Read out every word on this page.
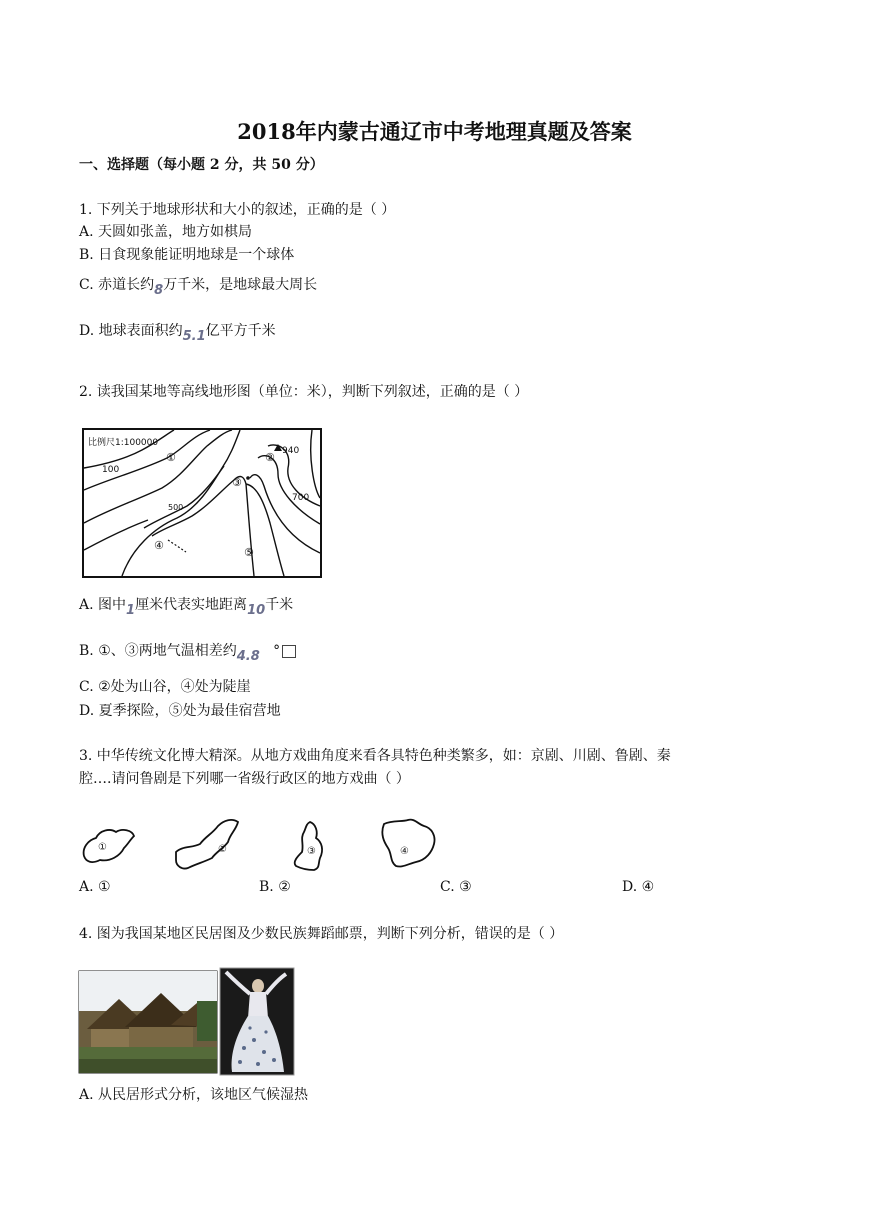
2018年内蒙古通辽市中考地理真题及答案
一、选择题（每小题 2 分，共 50 分）
1. 下列关于地球形状和大小的叙述，正确的是（ ）
A. 天圆如张盖，地方如棋局
B. 日食现象能证明地球是一个球体
C. 赤道长约8万千米，是地球最大周长
D. 地球表面积约5.1亿平方千米
2. 读我国某地等高线地形图（单位：米），判断下列叙述，正确的是（ ）
比例尺1:100000
100
500
940
700
①	②
③
④
⑤
A. 图中1厘米代表实地距离10千米
B. ①、③两地气温相差约4.8 °
C. ②处为山谷，④处为陡崖
D. 夏季探险，⑤处为最佳宿营地
3. 中华传统文化博大精深。从地方戏曲角度来看各具特色种类繁多，如：京剧、川剧、鲁剧、秦
腔….请问鲁剧是下列哪一省级行政区的地方戏曲（ ）
①	②	③	④
A. ①	B. ②	C. ③	D. ④
4. 图为我国某地区民居图及少数民族舞蹈邮票，判断下列分析，错误的是（ ）
A. 从民居形式分析，该地区气候湿热
